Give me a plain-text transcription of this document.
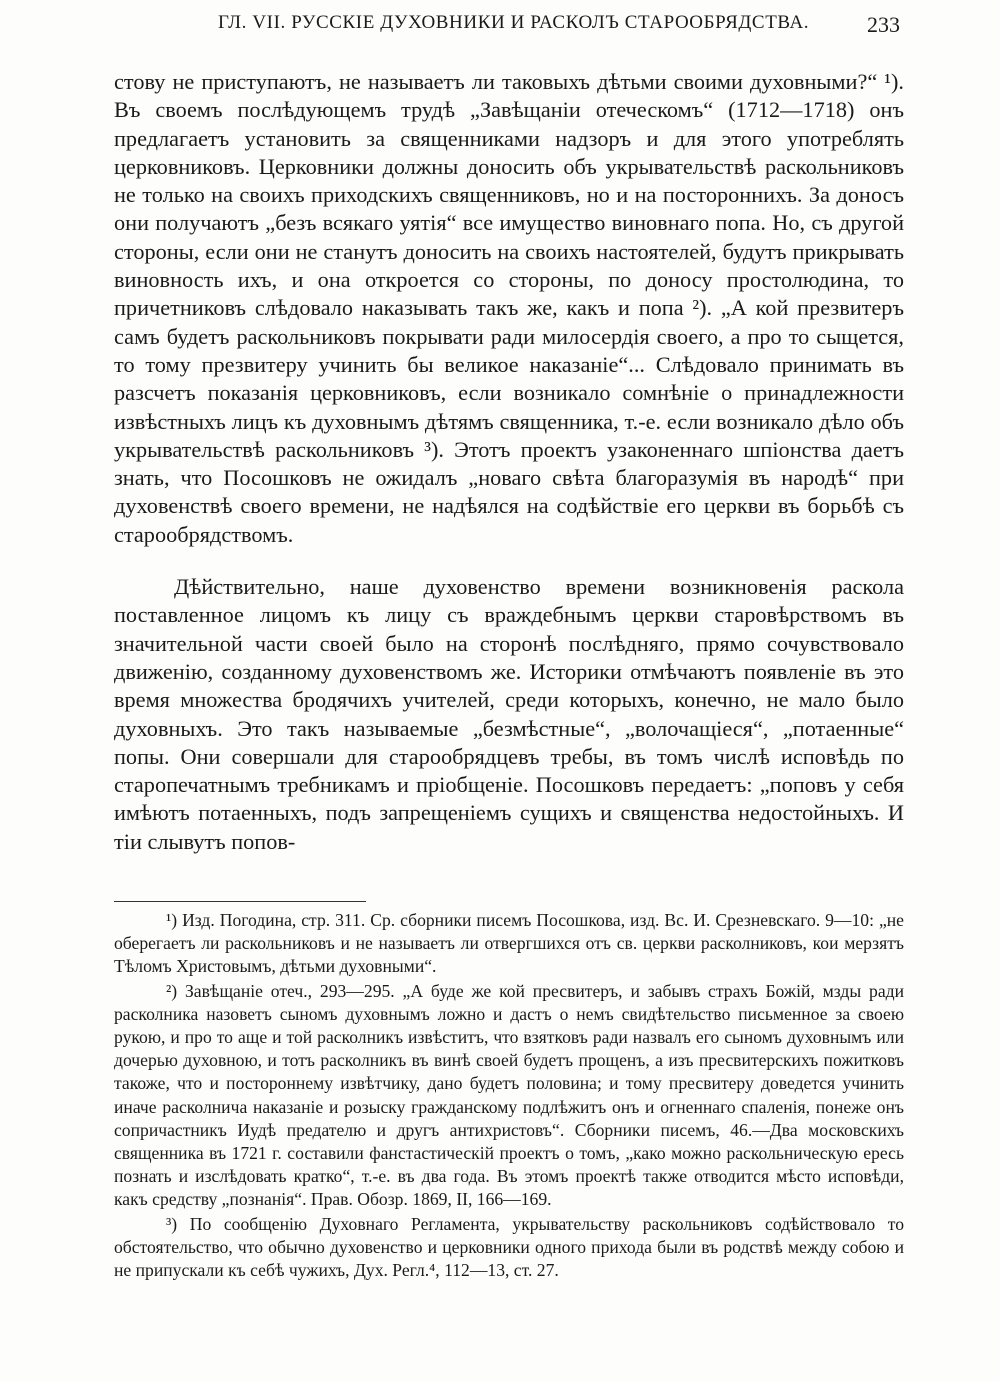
ГЛ. VII. РУССКІЕ ДУХОВНИКИ И РАСКОЛЪ СТАРООБРЯДСТВА.	233

стову не приступаютъ, не называетъ ли таковыхъ дѣтьми своими духовными?“ ¹). Въ своемъ послѣдующемъ трудѣ „Завѣщаніи отеческомъ“ (1712—1718) онъ предлагаетъ установить за священниками надзоръ и для этого употреблять церковниковъ. Церковники должны доносить объ укрывательствѣ раскольниковъ не только на своихъ приходскихъ священниковъ, но и на постороннихъ. За доносъ они получаютъ „безъ всякаго уятія“ все имущество виновнаго попа. Но, съ другой стороны, если они не станутъ доносить на своихъ настоятелей, будутъ прикрывать виновность ихъ, и она откроется со стороны, по доносу простолюдина, то причетниковъ слѣдовало наказывать такъ же, какъ и попа ²). „А кой презвитеръ самъ будетъ раскольниковъ покрывати ради милосердія своего, а про то сыщется, то тому презвитеру учинить бы великое наказаніе“... Слѣдовало принимать въ разсчетъ показанія церковниковъ, если возникало сомнѣніе о принадлежности извѣстныхъ лицъ къ духовнымъ дѣтямъ священника, т.-е. если возникало дѣло объ укрывательствѣ раскольниковъ ³). Этотъ проектъ узаконеннаго шпіонства даетъ знать, что Посошковъ не ожидалъ „новаго свѣта благоразумія въ народѣ“ при духовенствѣ своего времени, не надѣялся на содѣйствіе его церкви въ борьбѣ съ старообрядствомъ.

Дѣйствительно, наше духовенство времени возникновенія раскола поставленное лицомъ къ лицу съ враждебнымъ церкви старовѣрствомъ въ значительной части своей было на сторонѣ послѣдняго, прямо сочувствовало движенію, созданному духовенствомъ же. Историки отмѣчаютъ появленіе въ это время множества бродячихъ учителей, среди которыхъ, конечно, не мало было духовныхъ. Это такъ называемые „безмѣстные“, „волочащіеся“, „потаенные“ попы. Они совершали для старообрядцевъ требы, въ томъ числѣ исповѣдь по старопечатнымъ требникамъ и пріобщеніе. Посошковъ передаетъ: „поповъ у себя имѣютъ потаенныхъ, подъ запрещеніемъ сущихъ и священства недостойныхъ. И тіи слывутъ попов-

¹) Изд. Погодина, стр. 311. Ср. сборники писемъ Посошкова, изд. Вс. И. Срезневскаго. 9—10: „не оберегаетъ ли раскольниковъ и не называетъ ли отвергшихся отъ св. церкви расколниковъ, кои мерзятъ Тѣломъ Христовымъ, дѣтьми духовными“.

²) Завѣщаніе отеч., 293—295. „А буде же кой пресвитеръ, и забывъ страхъ Божій, мзды ради расколника назоветъ сыномъ духовнымъ ложно и дастъ о немъ свидѣтельство письменное за своею рукою, и про то аще и той расколникъ извѣститъ, что взятковъ ради назвалъ его сыномъ духовнымъ или дочерью духовною, и тотъ расколникъ въ винѣ своей будетъ прощенъ, а изъ пресвитерскихъ пожитковъ такоже, что и постороннему извѣтчику, дано будетъ половина; и тому пресвитеру доведется учинить иначе расколнича наказаніе и розыску гражданскому подлѣжитъ онъ и огненнаго спаленія, понеже онъ сопричастникъ Иудѣ предателю и другъ антихристовъ“. Сборники писемъ, 46.—Два московскихъ священника въ 1721 г. составили фанстастическій проектъ о томъ, „како можно раскольническую ересь познать и изслѣдовать кратко“, т.-е. въ два года. Въ этомъ проектѣ также отводится мѣсто исповѣди, какъ средству „познанія“. Прав. Обозр. 1869, II, 166—169.

³) По сообщенію Духовнаго Регламента, укрывательству раскольниковъ содѣйствовало то обстоятельство, что обычно духовенство и церковники одного прихода были въ родствѣ между собою и не припускали къ себѣ чужихъ, Дух. Регл.⁴, 112—13, ст. 27.
